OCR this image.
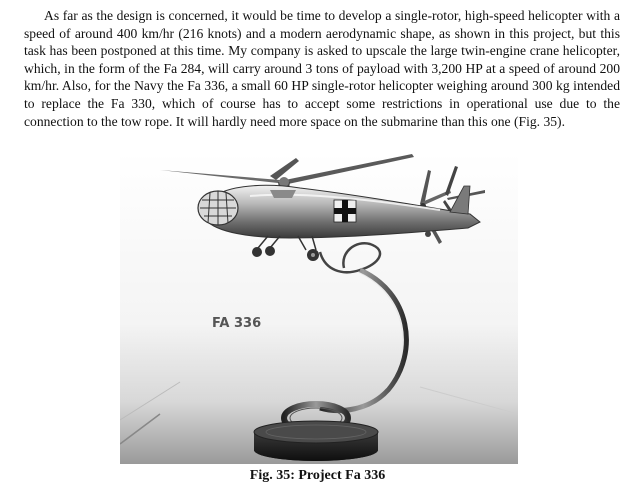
As far as the design is concerned, it would be time to develop a single-rotor, high-speed helicopter with a speed of around 400 km/hr (216 knots) and a modern aerodynamic shape, as shown in this project, but this task has been postponed at this time. My company is asked to upscale the large twin-engine crane helicopter, which, in the form of the Fa 284, will carry around 3 tons of payload with 3,200 HP at a speed of around 200 km/hr. Also, for the Navy the Fa 336, a small 60 HP single-rotor helicopter weighing around 300 kg intended to replace the Fa 330, which of course has to accept some restrictions in operational use due to the connection to the tow rope. It will hardly need more space on the submarine than this one (Fig. 35).

FA 336

Fig. 35: Project Fa 336
